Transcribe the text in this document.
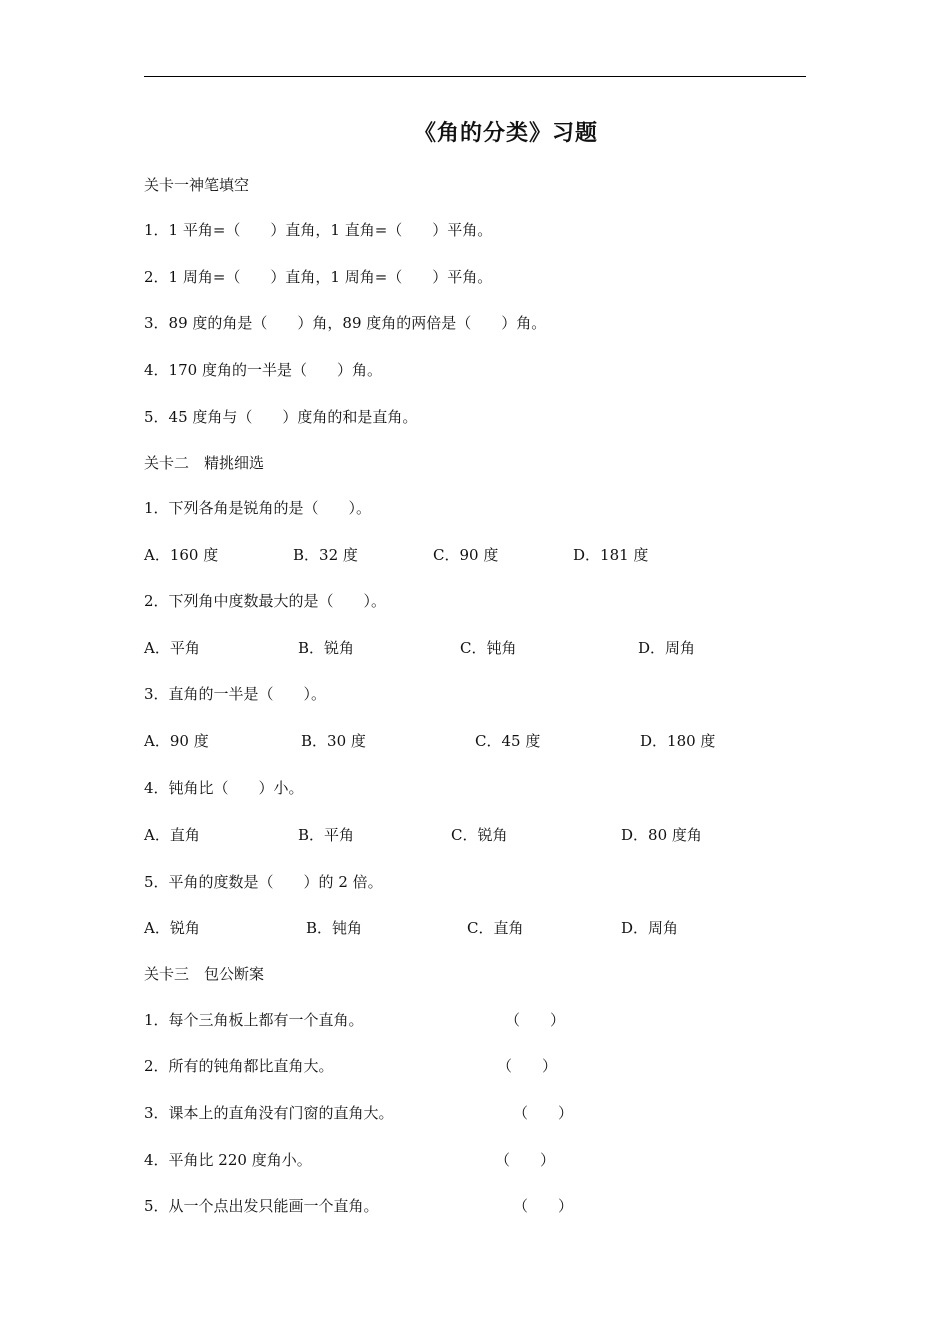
《角的分类》习题
关卡一神笔填空
1．1 平角=（　　）直角，1 直角=（　　）平角。
2．1 周角=（　　）直角，1 周角=（　　）平角。
3．89 度的角是（　　）角，89 度角的两倍是（　　）角。
4．170 度角的一半是（　　）角。
5．45 度角与（　　）度角的和是直角。
关卡二　精挑细选
1．下列各角是锐角的是（　　）。
A．160 度	B．32 度	C．90 度	D．181 度
2．下列角中度数最大的是（　　）。
A．平角	B．锐角	C．钝角	D．周角
3．直角的一半是（　　）。
A．90 度	B．30 度	C．45 度	D．180 度
4．钝角比（　　）小。
A．直角	B．平角	C．锐角	D．80 度角
5．平角的度数是（　　）的 2 倍。
A．锐角	B．钝角	C．直角	D．周角
关卡三　包公断案
1．每个三角板上都有一个直角。	（　　）
2．所有的钝角都比直角大。	（　　）
3．课本上的直角没有门窗的直角大。	（　　）
4．平角比 220 度角小。	（　　）
5．从一个点出发只能画一个直角。	（　　）
